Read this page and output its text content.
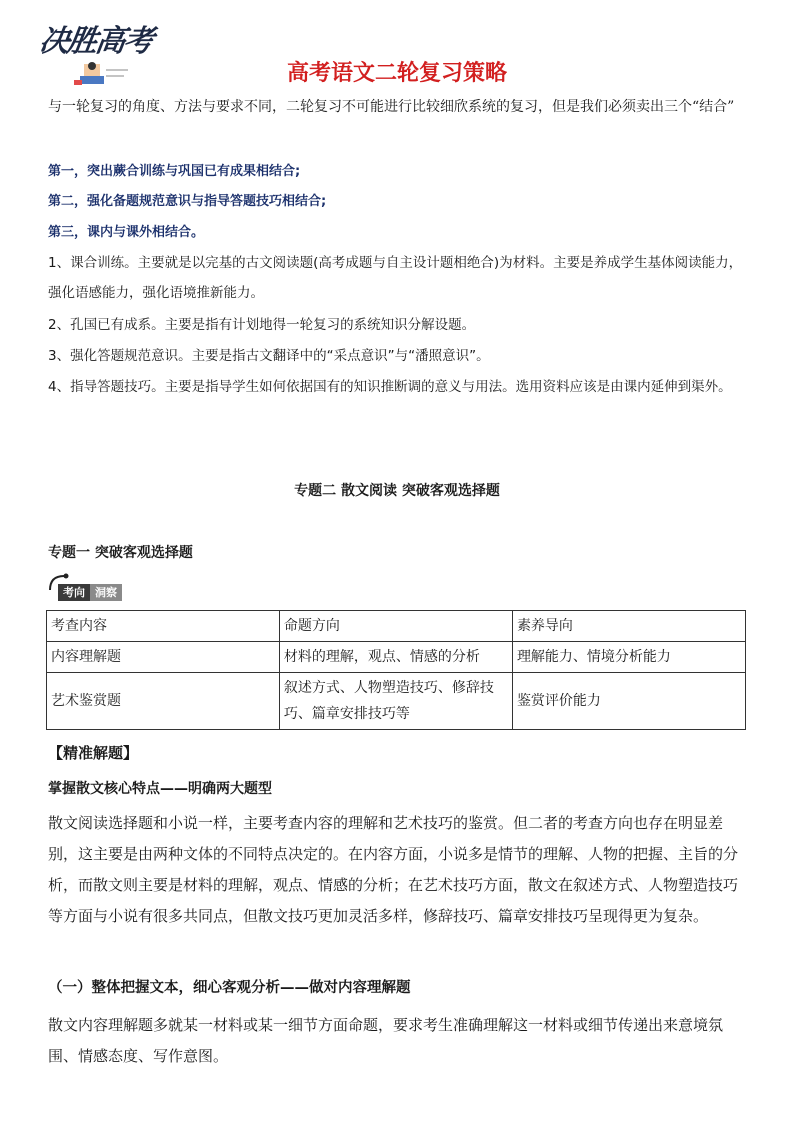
决胜高考
高考语文二轮复习策略

与一轮复习的角度、方法与要求不同，二轮复习不可能进行比较细欣系统的复习，但是我们必须卖出三个“结合”

第一，突出蕨合训练与巩国已有成果相结合;

第二，强化备题规范意识与指导答题技巧相结合;

第三，课内与课外相结合。

1、课合训练。主要就是以完基的古文阅读题(高考成题与自主设计题相绝合)为材料。主要是养成学生基体阅读能力，强化语感能力，强化语境推新能力。

2、孔国已有成系。主要是指有计划地得一轮复习的系统知识分解设题。

3、强化答题规范意识。主要是指古文翻译中的“采点意识”与“潘照意识”。

4、指导答题技巧。主要是指导学生如何依据国有的知识推断调的意义与用法。选用资料应该是由课内延伸到渠外。

专题二 散文阅读 突破客观选择题

专题一 突破客观选择题

考向 洞察
考查内容	命题方向	素养导向
内容理解题	材料的理解，观点、情感的分析	理解能力、情境分析能力
艺术鉴赏题	叙述方式、人物塑造技巧、修辞技巧、篇章安排技巧等	鉴赏评价能力

【精准解题】

掌握散文核心特点——明确两大题型

散文阅读选择题和小说一样，主要考查内容的理解和艺术技巧的鉴赏。但二者的考查方向也存在明显差别，这主要是由两种文体的不同特点决定的。在内容方面，小说多是情节的理解、人物的把握、主旨的分析，而散文则主要是材料的理解，观点、情感的分析；在艺术技巧方面，散文在叙述方式、人物塑造技巧等方面与小说有很多共同点，但散文技巧更加灵活多样，修辞技巧、篇章安排技巧呈现得更为复杂。

（一）整体把握文本，细心客观分析——做对内容理解题

散文内容理解题多就某一材料或某一细节方面命题，要求考生准确理解这一材料或细节传递出来意境氛围、情感态度、写作意图。
